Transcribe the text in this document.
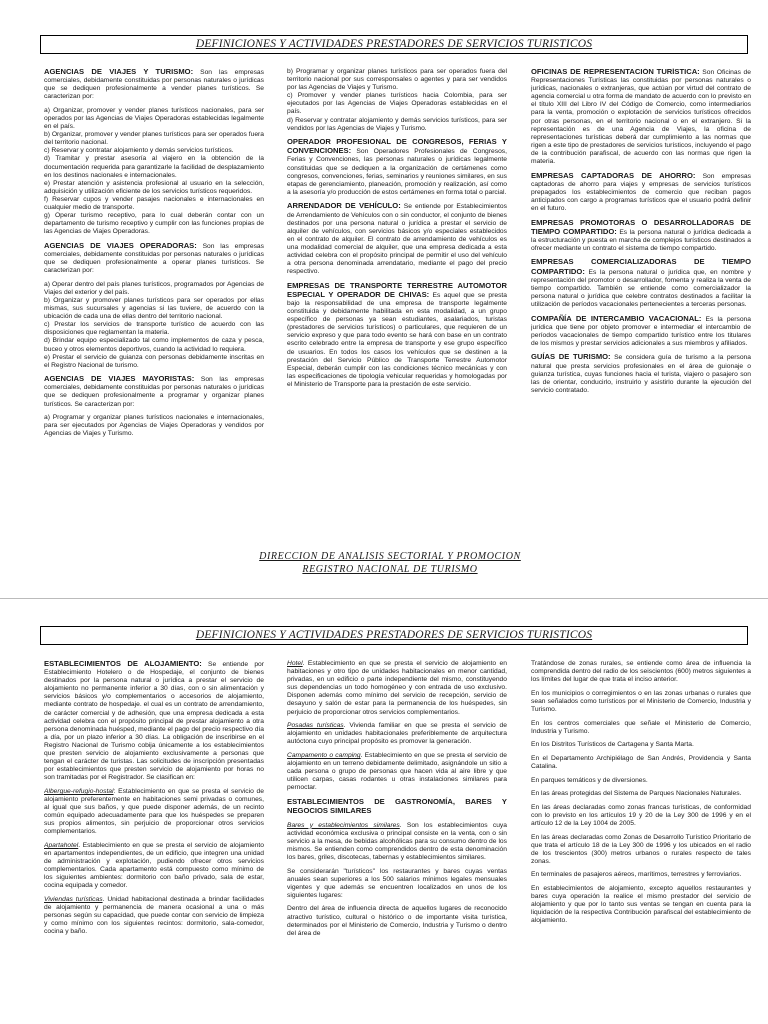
DEFINICIONES Y ACTIVIDADES PRESTADORES DE SERVICIOS TURISTICOS

AGENCIAS DE VIAJES Y TURISMO: Son las empresas comerciales, debidamente constituidas por personas naturales o jurídicas que se dediquen profesionalmente a vender planes turísticos. Se caracterizan por:

a) Organizar, promover y vender planes turísticos nacionales, para ser operados por las Agencias de Viajes Operadoras establecidas legalmente en el país.
b) Organizar, promover y vender planes turísticos para ser operados fuera del territorio nacional.
c) Reservar y contratar alojamiento y demás servicios turísticos.
d) Tramitar y prestar asesoría al viajero en la obtención de la documentación requerida para garantizarle la facilidad de desplazamiento en los destinos nacionales e internacionales.
e) Prestar atención y asistencia profesional al usuario en la selección, adquisición y utilización eficiente de los servicios turísticos requeridos.
f) Reservar cupos y vender pasajes nacionales e internacionales en cualquier medio de transporte.
g) Operar turismo receptivo, para lo cual deberán contar con un departamento de turismo receptivo y cumplir con las funciones propias de las Agencias de Viajes Operadoras.

AGENCIAS DE VIAJES OPERADORAS: Son las empresas comerciales, debidamente constituidas por personas naturales o jurídicas que se dediquen profesionalmente a operar planes turísticos. Se caracterizan por:

a) Operar dentro del país planes turísticos, programados por Agencias de Viajes del exterior y del país.
b) Organizar y promover planes turísticos para ser operados por ellas mismas, sus sucursales y agencias si las tuviere, de acuerdo con la ubicación de cada una de ellas dentro del territorio nacional.
c) Prestar los servicios de transporte turístico de acuerdo con las disposiciones que reglamentan la materia.
d) Brindar equipo especializado tal como implementos de caza y pesca, buceo y otros elementos deportivos, cuando la actividad lo requiera.
e) Prestar el servicio de guianza con personas debidamente inscritas en el Registro Nacional de turismo.

AGENCIAS DE VIAJES MAYORISTAS: Son las empresas comerciales, debidamente constituidas por personas naturales o jurídicas que se dediquen profesionalmente a programar y organizar planes turísticos. Se caracterizan por:

a) Programar y organizar planes turísticos nacionales e internacionales, para ser ejecutados por Agencias de Viajes Operadoras y vendidos por Agencias de Viajes y Turismo.

b) Programar y organizar planes turísticos para ser operados fuera del territorio nacional por sus corresponsales o agentes y para ser vendidos por las Agencias de Viajes y Turismo.
c) Promover y vender planes turísticos hacia Colombia, para ser ejecutados por las Agencias de Viajes Operadoras establecidas en el país.
d) Reservar y contratar alojamiento y demás servicios turísticos, para ser vendidos por las Agencias de Viajes y Turismo.

OPERADOR PROFESIONAL DE CONGRESOS, FERIAS Y CONVENCIONES: Son Operadores Profesionales de Congresos, Ferias y Convenciones, las personas naturales o jurídicas legalmente constituidas que se dediquen a la organización de certámenes como congresos, convenciones, ferias, seminarios y reuniones similares, en sus etapas de gerenciamiento, planeación, promoción y realización, así como a la asesoría y/o producción de estos certámenes en forma total o parcial.

ARRENDADOR DE VEHÍCULO: Se entiende por Establecimientos de Arrendamiento de Vehículos con o sin conductor, el conjunto de bienes destinados por una persona natural o jurídica a prestar el servicio de alquiler de vehículos, con servicios básicos y/o especiales establecidos en el contrato de alquiler. El contrato de arrendamiento de vehículos es una modalidad comercial de alquiler, que una empresa dedicada a esta actividad celebra con el propósito principal de permitir el uso del vehículo a otra persona denominada arrendatario, mediante el pago del precio respectivo.

EMPRESAS DE TRANSPORTE TERRESTRE AUTOMOTOR ESPECIAL Y OPERADOR DE CHIVAS: Es aquel que se presta bajo la responsabilidad de una empresa de transporte legalmente constituida y debidamente habilitada en esta modalidad, a un grupo específico de personas ya sean estudiantes, asalariados, turistas (prestadores de servicios turísticos) o particulares, que requieren de un servicio expreso y que para todo evento se hará con base en un contrato escrito celebrado entre la empresa de transporte y ese grupo específico de usuarios. En todos los casos los vehículos que se destinen a la prestación del Servicio Público de Transporte Terrestre Automotor Especial, deberán cumplir con las condiciones técnico mecánicas y con las especificaciones de tipología vehicular requeridas y homologadas por el Ministerio de Transporte para la prestación de este servicio.

OFICINAS DE REPRESENTACIÓN TURÍSTICA: Son Oficinas de Representaciones Turísticas las constituidas por personas naturales o jurídicas, nacionales o extranjeras, que actúan por virtud del contrato de agencia comercial u otra forma de mandato de acuerdo con lo previsto en el título XIII del Libro IV del Código de Comercio, como intermediarios para la venta, promoción o explotación de servicios turísticos ofrecidos por otras personas, en el territorio nacional o en el extranjero. Si la representación es de una Agencia de Viajes, la oficina de representaciones turísticas deberá dar cumplimiento a las normas que rigen a este tipo de prestadores de servicios turísticos, incluyendo el pago de la contribución parafiscal, de acuerdo con las normas que rigen la materia.

EMPRESAS CAPTADORAS DE AHORRO: Son empresas captadoras de ahorro para viajes y empresas de servicios turísticos prepagados los establecimientos de comercio que reciban pagos anticipados con cargo a programas turísticos que el usuario podrá definir en el futuro.

EMPRESAS PROMOTORAS O DESARROLLADORAS DE TIEMPO COMPARTIDO: Es la persona natural o jurídica dedicada a la estructuración y puesta en marcha de complejos turísticos destinados a ofrecer mediante un contrato el sistema de tiempo compartido.

EMPRESAS COMERCIALIZADORAS DE TIEMPO COMPARTIDO: Es la persona natural o jurídica que, en nombre y representación del promotor o desarrollador, fomenta y realiza la venta de tiempo compartido. También se entiende como comercializador la persona natural o jurídica que celebre contratos destinados a facilitar la utilización de períodos vacacionales pertenecientes a terceras personas.

COMPAÑÍA DE INTERCAMBIO VACACIONAL: Es la persona jurídica que tiene por objeto promover e intermediar el intercambio de períodos vacacionales de tiempo compartido turístico entre los titulares de los mismos y prestar servicios adicionales a sus miembros y afiliados.

GUÍAS DE TURISMO: Se considera guía de turismo a la persona natural que presta servicios profesionales en el área de guionaje o guianza turística, cuyas funciones hacia el turista, viajero o pasajero son las de orientar, conducirlo, instruirlo y asistirlo durante la ejecución del servicio contratado.

DIRECCION DE ANALISIS SECTORIAL Y PROMOCION
REGISTRO NACIONAL DE TURISMO
DEFINICIONES Y ACTIVIDADES PRESTADORES DE SERVICIOS TURISTICOS

ESTABLECIMIENTOS DE ALOJAMIENTO: Se entiende por Establecimiento Hotelero o de Hospedaje, el conjunto de bienes destinados por la persona natural o jurídica a prestar el servicio de alojamiento no permanente inferior a 30 días, con o sin alimentación y servicios básicos y/o complementarios o accesorios de alojamiento, mediante contrato de hospedaje. el cual es un contrato de arrendamiento, de carácter comercial y de adhesión, que una empresa dedicada a esta actividad celebra con el propósito principal de prestar alojamiento a otra persona denominada huésped, mediante el pago del precio respectivo día a día, por un plazo inferior a 30 días. La obligación de inscribirse en el Registro Nacional de Turismo cobija únicamente a los establecimientos que presten servicio de alojamiento exclusivamente a personas que tengan el carácter de turistas. Las solicitudes de inscripción presentadas por establecimientos que presten servicio de alojamiento por horas no son tramitadas por el Registrador. Se clasifican en:

Albergue-refugio-hostal: Establecimiento en que se presta el servicio de alojamiento preferentemente en habitaciones semi privadas o comunes, al igual que sus baños, y que puede disponer además, de un recinto común equipado adecuadamente para que los huéspedes se preparen sus propios alimentos, sin perjuicio de proporcionar otros servicios complementarios.

Apartahotel. Establecimiento en que se presta el servicio de alojamiento en apartamentos independientes, de un edificio, que integren una unidad de administración y explotación, pudiendo ofrecer otros servicios complementarios. Cada apartamento está compuesto como mínimo de los siguientes ambientes: dormitorio con baño privado, sala de estar, cocina equipada y comedor.

Viviendas turísticas. Unidad habitacional destinada a brindar facilidades de alojamiento y permanencia de manera ocasional a una o más personas según su capacidad, que puede contar con servicio de limpieza y como mínimo con los siguientes recintos: dormitorio, sala-comedor, cocina y baño.

Hotel. Establecimiento en que se presta el servicio de alojamiento en habitaciones y otro tipo de unidades habitacionales en menor cantidad, privadas, en un edificio o parte independiente del mismo, constituyendo sus dependencias un todo homogéneo y con entrada de uso exclusivo. Disponen además como mínimo del servicio de recepción, servicio de desayuno y salón de estar para la permanencia de los huéspedes, sin perjuicio de proporcionar otros servicios complementarios.

Posadas turísticas. Vivienda familiar en que se presta el servicio de alojamiento en unidades habitacionales preferiblemente de arquitectura autóctona cuyo principal propósito es promover la generación.

Campamento o camping. Establecimiento en que se presta el servicio de alojamiento en un terreno debidamente delimitado, asignándole un sitio a cada persona o grupo de personas que hacen vida al aire libre y que utilicen carpas, casas rodantes u otras instalaciones similares para pernoctar.

ESTABLECIMIENTOS DE GASTRONOMÍA, BARES Y NEGOCIOS SIMILARES

Bares y establecimientos similares. Son los establecimientos cuya actividad económica exclusiva o principal consiste en la venta, con o sin servicio a la mesa, de bebidas alcohólicas para su consumo dentro de los mismos. Se entienden como comprendidos dentro de esta denominación los bares, griles, discotecas, tabernas y establecimientos similares.

Se considerarán "turísticos" los restaurantes y bares cuyas ventas anuales sean superiores a los 500 salarios mínimos legales mensuales vigentes y que además se encuentren localizados en unos de los siguientes lugares:

Dentro del área de influencia directa de aquellos lugares de reconocido atractivo turístico, cultural o histórico o de importante visita turística, determinados por el Ministerio de Comercio, Industria y Turismo o dentro del área de

Tratándose de zonas rurales, se entiende como área de influencia la comprendida dentro del radio de los seiscientos (600) metros siguientes a los límites del lugar de que trata el inciso anterior.

En los municipios o corregimientos o en las zonas urbanas o rurales que sean señalados como turísticos por el Ministerio de Comercio, Industria y Turismo.

En los centros comerciales que señale el Ministerio de Comercio, Industria y Turismo.

En los Distritos Turísticos de Cartagena y Santa Marta.

En el Departamento Archipiélago de San Andrés, Providencia y Santa Catalina.

En parques temáticos y de diversiones.

En las áreas protegidas del Sistema de Parques Nacionales Naturales.

En las áreas declaradas como zonas francas turísticas, de conformidad con lo previsto en los artículos 19 y 20 de la Ley 300 de 1996 y en el artículo 12 de la Ley 1004 de 2005.

En las áreas declaradas como Zonas de Desarrollo Turístico Prioritario de que trata el artículo 18 de la Ley 300 de 1996 y los ubicados en el radio de los trescientos (300) metros urbanos o rurales respecto de tales zonas.

En terminales de pasajeros aéreos, marítimos, terrestres y ferroviarios.

En establecimientos de alojamiento, excepto aquellos restaurantes y bares cuya operación la realice el mismo prestador del servicio de alojamiento y que por lo tanto sus ventas se tengan en cuenta para la liquidación de la respectiva Contribución parafiscal del establecimiento de alojamiento.
